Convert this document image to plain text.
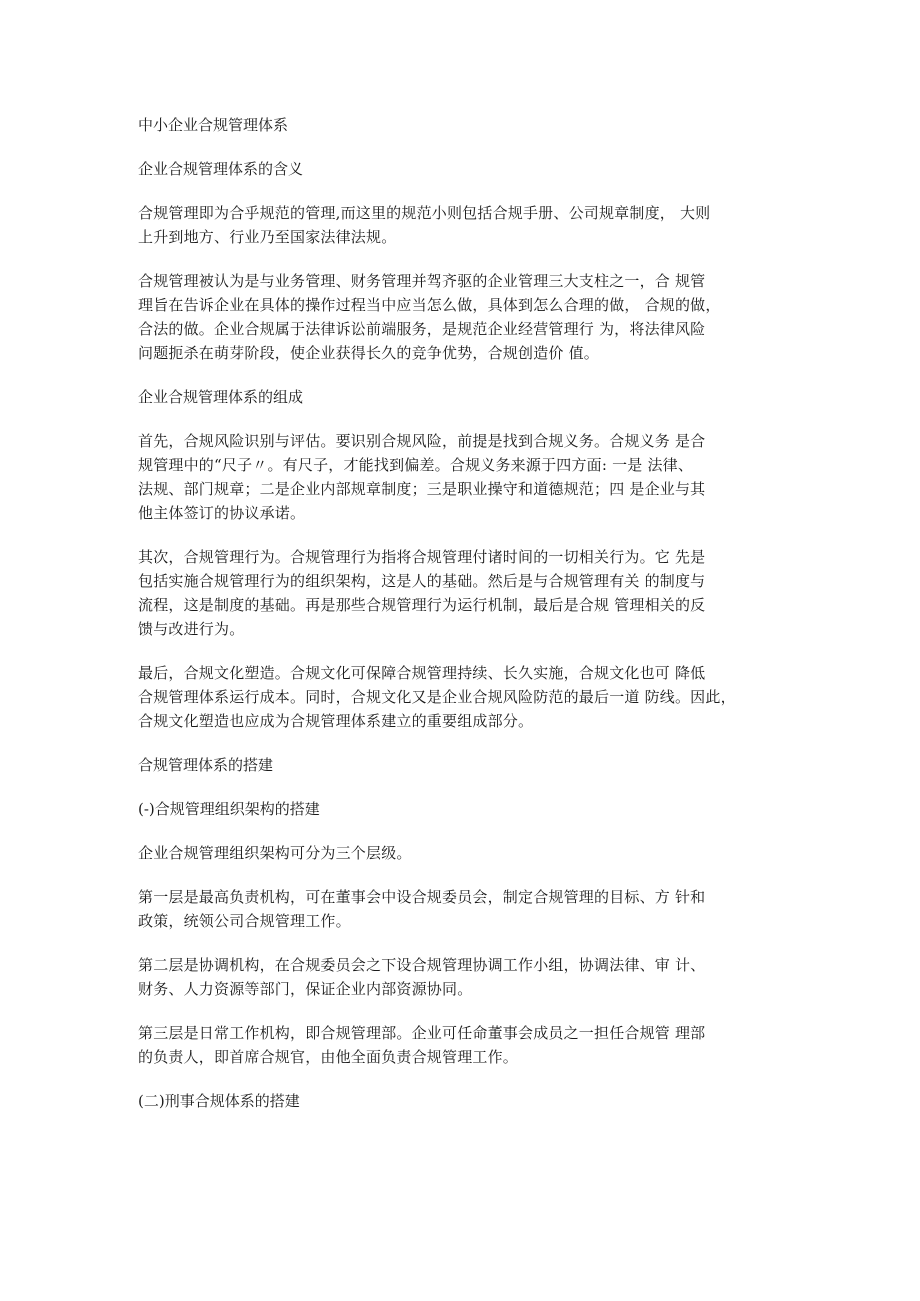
中小企业合规管理体系

企业合规管理体系的含义

合规管理即为合乎规范的管理,而这里的规范小则包括合规手册、公司规章制度， 大则

上升到地方、行业乃至国家法律法规。

合规管理被认为是与业务管理、财务管理并驾齐驱的企业管理三大支柱之一，合 规管

理旨在告诉企业在具体的操作过程当中应当怎么做，具体到怎么合理的做， 合规的做，

合法的做。企业合规属于法律诉讼前端服务，是规范企业经营管理行 为，将法律风险

问题扼杀在萌芽阶段，使企业获得长久的竞争优势，合规创造价 值。

企业合规管理体系的组成

首先，合规风险识别与评估。要识别合规风险，前提是找到合规义务。合规义务 是合

规管理中的“尺子〃。有尺子，才能找到偏差。合规义务来源于四方面: 一是 法律、

法规、部门规章；二是企业内部规章制度；三是职业操守和道德规范；四 是企业与其

他主体签订的协议承诺。

其次，合规管理行为。合规管理行为指将合规管理付诸时间的一切相关行为。它 先是

包括实施合规管理行为的组织架构，这是人的基础。然后是与合规管理有关 的制度与

流程，这是制度的基础。再是那些合规管理行为运行机制，最后是合规 管理相关的反

馈与改进行为。

最后，合规文化塑造。合规文化可保障合规管理持续、长久实施，合规文化也可 降低

合规管理体系运行成本。同时，合规文化又是企业合规风险防范的最后一道 防线。因此，

合规文化塑造也应成为合规管理体系建立的重要组成部分。

合规管理体系的搭建

(-)合规管理组织架构的搭建

企业合规管理组织架构可分为三个层级。

第一层是最高负责机构，可在董事会中设合规委员会，制定合规管理的目标、方 针和

政策，统领公司合规管理工作。

第二层是协调机构，在合规委员会之下设合规管理协调工作小组，协调法律、审 计、

财务、人力资源等部门，保证企业内部资源协同。

第三层是日常工作机构，即合规管理部。企业可任命董事会成员之一担任合规管 理部

的负责人，即首席合规官，由他全面负责合规管理工作。

(二)刑事合规体系的搭建
